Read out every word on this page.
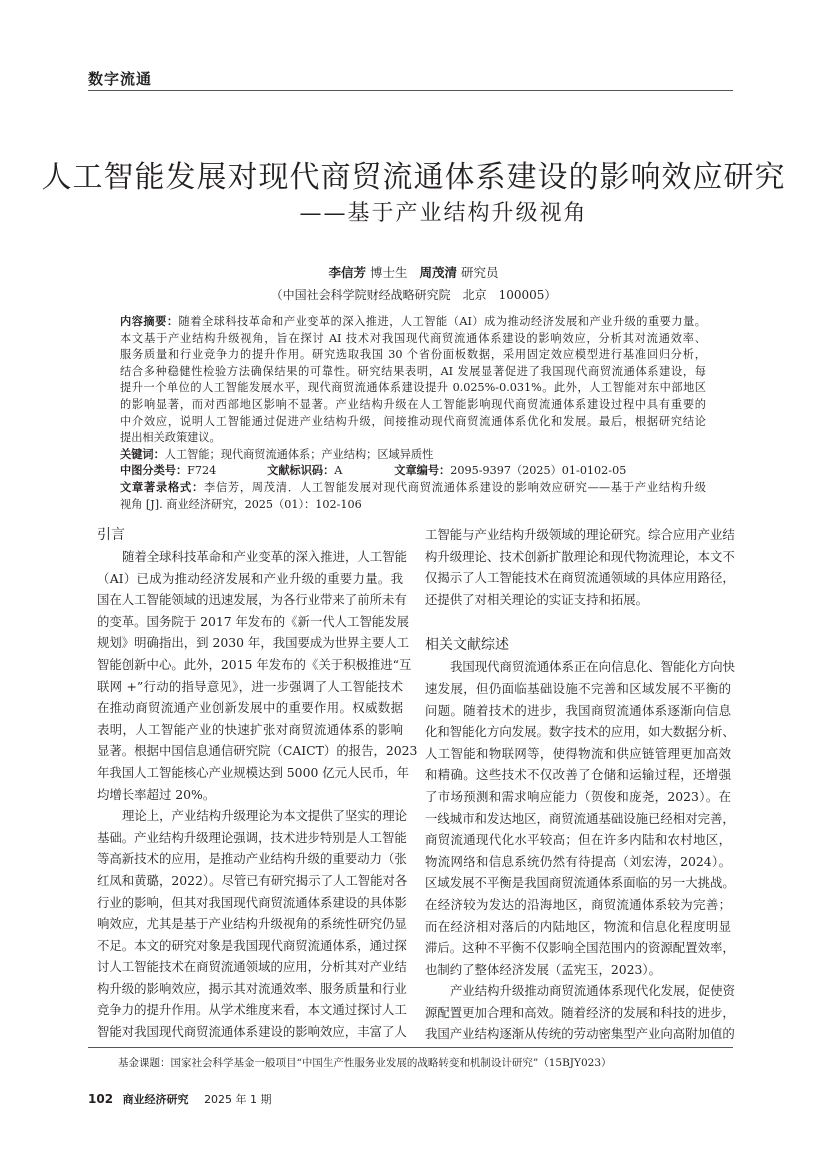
数字流通
人工智能发展对现代商贸流通体系建设的影响效应研究
——基于产业结构升级视角
李信芳 博士生 周茂清 研究员
（中国社会科学院财经战略研究院　北京　100005）
内容摘要：随着全球科技革命和产业变革的深入推进，人工智能（AI）成为推动经济发展和产业升级的重要力量。
本文基于产业结构升级视角，旨在探讨 AI 技术对我国现代商贸流通体系建设的影响效应，分析其对流通效率、
服务质量和行业竞争力的提升作用。研究选取我国 30 个省份面板数据，采用固定效应模型进行基准回归分析，
结合多种稳健性检验方法确保结果的可靠性。研究结果表明，AI 发展显著促进了我国现代商贸流通体系建设，每
提升一个单位的人工智能发展水平，现代商贸流通体系建设提升 0.025%-0.031%。此外，人工智能对东中部地区
的影响显著，而对西部地区影响不显著。产业结构升级在人工智能影响现代商贸流通体系建设过程中具有重要的
中介效应，说明人工智能通过促进产业结构升级，间接推动现代商贸流通体系优化和发展。最后，根据研究结论
提出相关政策建议。
关键词：人工智能；现代商贸流通体系；产业结构；区域异质性
中图分类号：F724	文献标识码：A	文章编号：2095-9397（2025）01-0102-05
文章著录格式：李信芳，周茂清．人工智能发展对现代商贸流通体系建设的影响效应研究——基于产业结构升级
视角 [J]. 商业经济研究，2025（01）：102-106
引言
随着全球科技革命和产业变革的深入推进，人工智能
（AI）已成为推动经济发展和产业升级的重要力量。我
国在人工智能领域的迅速发展，为各行业带来了前所未有
的变革。国务院于 2017 年发布的《新一代人工智能发展
规划》明确指出，到 2030 年，我国要成为世界主要人工
智能创新中心。此外，2015 年发布的《关于积极推进“互
联网 +”行动的指导意见》，进一步强调了人工智能技术
在推动商贸流通产业创新发展中的重要作用。权威数据
表明，人工智能产业的快速扩张对商贸流通体系的影响
显著。根据中国信息通信研究院（CAICT）的报告，2023
年我国人工智能核心产业规模达到 5000 亿元人民币，年
均增长率超过 20%。
理论上，产业结构升级理论为本文提供了坚实的理论
基础。产业结构升级理论强调，技术进步特别是人工智能
等高新技术的应用，是推动产业结构升级的重要动力（张
红凤和黄璐，2022）。尽管已有研究揭示了人工智能对各
行业的影响，但其对我国现代商贸流通体系建设的具体影
响效应，尤其是基于产业结构升级视角的系统性研究仍显
不足。本文的研究对象是我国现代商贸流通体系，通过探
讨人工智能技术在商贸流通领域的应用，分析其对产业结
构升级的影响效应，揭示其对流通效率、服务质量和行业
竞争力的提升作用。从学术维度来看，本文通过探讨人工
智能对我国现代商贸流通体系建设的影响效应，丰富了人
工智能与产业结构升级领域的理论研究。综合应用产业结
构升级理论、技术创新扩散理论和现代物流理论，本文不
仅揭示了人工智能技术在商贸流通领域的具体应用路径，
还提供了对相关理论的实证支持和拓展。
相关文献综述
我国现代商贸流通体系正在向信息化、智能化方向快
速发展，但仍面临基础设施不完善和区域发展不平衡的
问题。随着技术的进步，我国商贸流通体系逐渐向信息
化和智能化方向发展。数字技术的应用，如大数据分析、
人工智能和物联网等，使得物流和供应链管理更加高效
和精确。这些技术不仅改善了仓储和运输过程，还增强
了市场预测和需求响应能力（贺俊和庞尧，2023）。在
一线城市和发达地区，商贸流通基础设施已经相对完善，
商贸流通现代化水平较高；但在许多内陆和农村地区，
物流网络和信息系统仍然有待提高（刘宏涛，2024）。
区域发展不平衡是我国商贸流通体系面临的另一大挑战。
在经济较为发达的沿海地区，商贸流通体系较为完善；
而在经济相对落后的内陆地区，物流和信息化程度明显
滞后。这种不平衡不仅影响全国范围内的资源配置效率，
也制约了整体经济发展（孟宪玉，2023）。
产业结构升级推动商贸流通体系现代化发展，促使资
源配置更加合理和高效。随着经济的发展和科技的进步，
我国产业结构逐渐从传统的劳动密集型产业向高附加值的
基金课题：国家社会科学基金一般项目“中国生产性服务业发展的战略转变和机制设计研究”（15BJY023）
102 商业经济研究 2025 年 1 期
